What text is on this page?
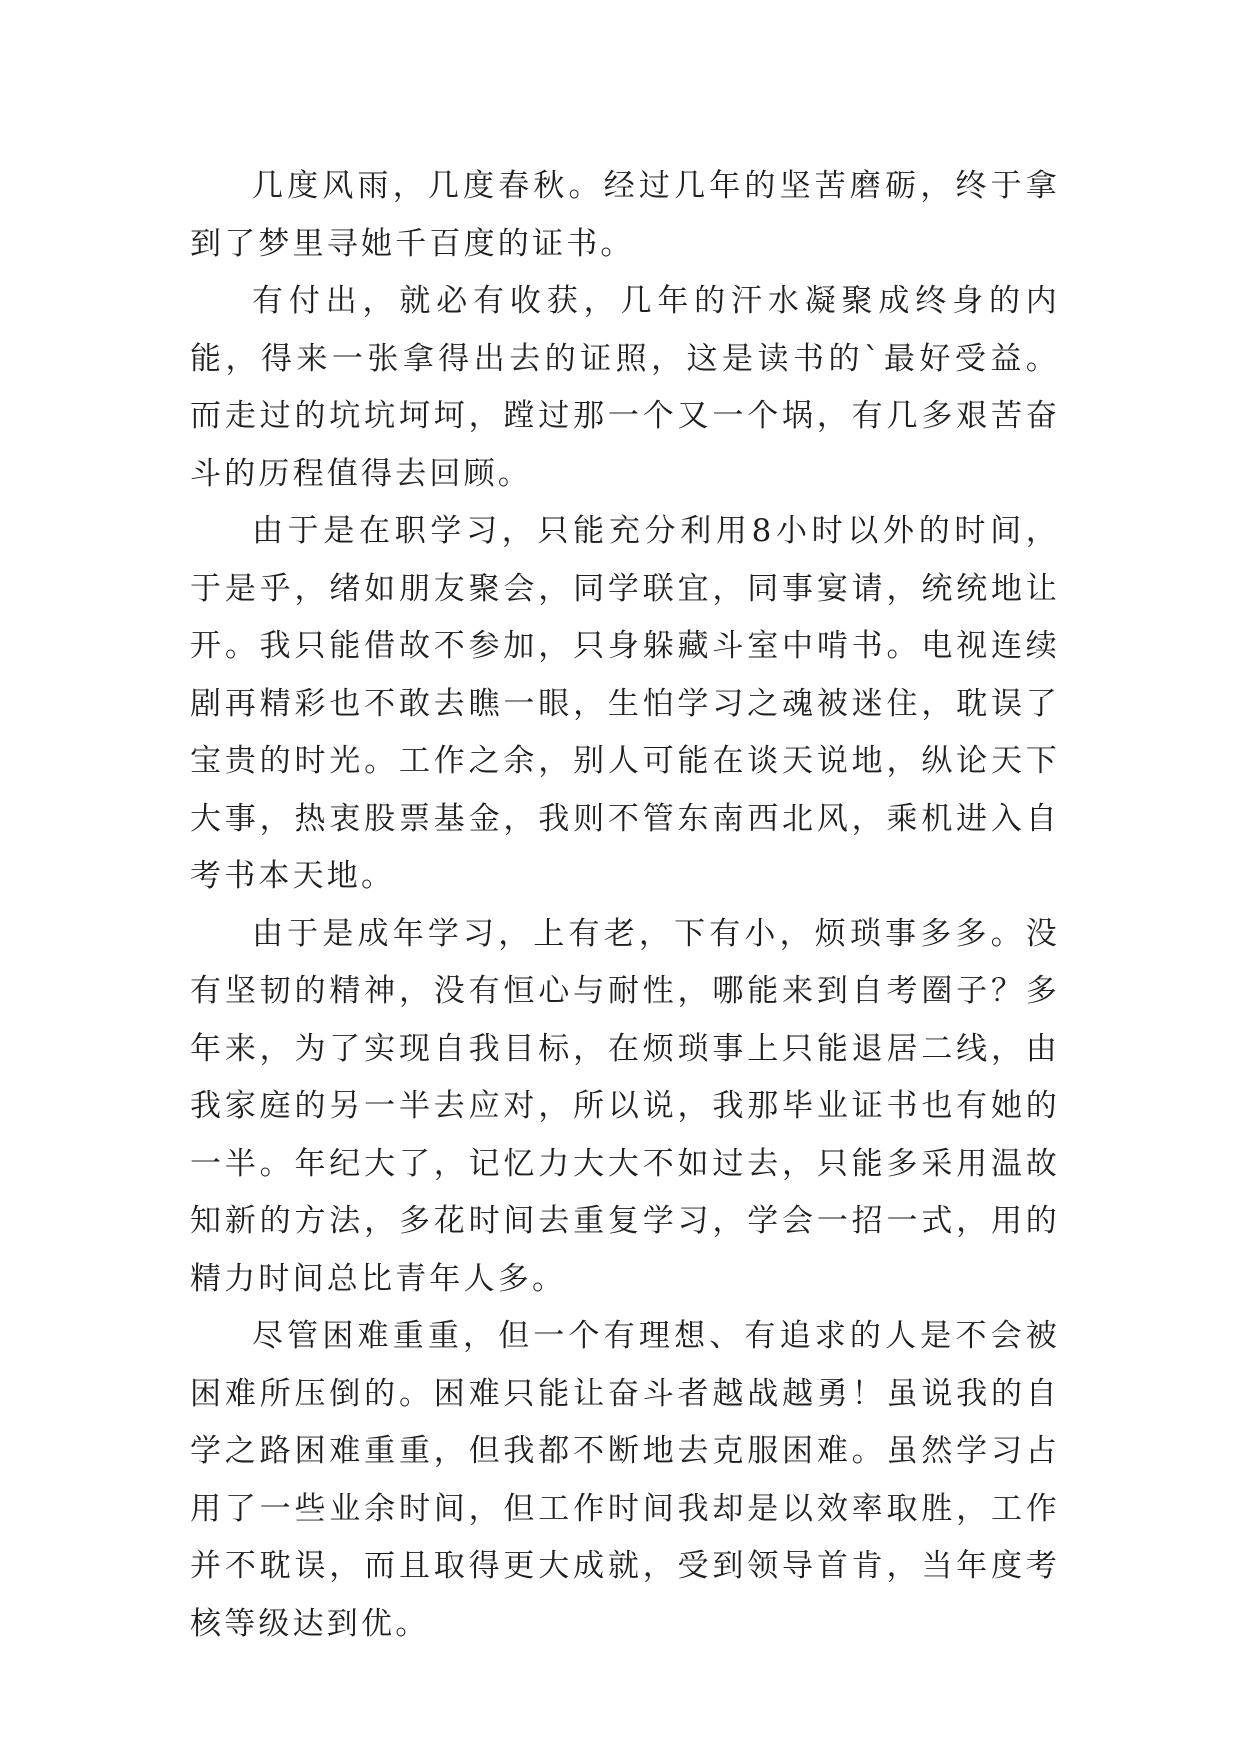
几度风雨，几度春秋。经过几年的坚苦磨砺，终于拿到了梦里寻她千百度的证书。

有付出，就必有收获，几年的汗水凝聚成终身的内能，得来一张拿得出去的证照，这是读书的`最好受益。而走过的坑坑坷坷，蹚过那一个又一个埚，有几多艰苦奋斗的历程值得去回顾。

由于是在职学习，只能充分利用8小时以外的时间，于是乎，绪如朋友聚会，同学联宜，同事宴请，统统地让开。我只能借故不参加，只身躲藏斗室中啃书。电视连续剧再精彩也不敢去瞧一眼，生怕学习之魂被迷住，耽误了宝贵的时光。工作之余，别人可能在谈天说地，纵论天下大事，热衷股票基金，我则不管东南西北风，乘机进入自考书本天地。

由于是成年学习，上有老，下有小，烦琐事多多。没有坚韧的精神，没有恒心与耐性，哪能来到自考圈子？多年来，为了实现自我目标，在烦琐事上只能退居二线，由我家庭的另一半去应对，所以说，我那毕业证书也有她的一半。年纪大了，记忆力大大不如过去，只能多采用温故知新的方法，多花时间去重复学习，学会一招一式，用的精力时间总比青年人多。

尽管困难重重，但一个有理想、有追求的人是不会被困难所压倒的。困难只能让奋斗者越战越勇！虽说我的自学之路困难重重，但我都不断地去克服困难。虽然学习占用了一些业余时间，但工作时间我却是以效率取胜，工作并不耽误，而且取得更大成就，受到领导首肯，当年度考核等级达到优。
